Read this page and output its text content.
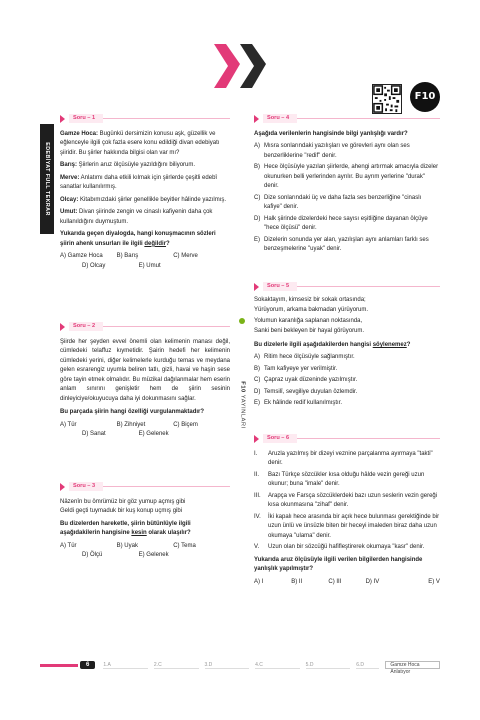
F10
EDEBİYAT FULL TEKRAR
F10 YAYINLARI
Soru – 1

Gamze Hoca: Bugünkü dersimizin konusu aşk, güzellik ve eğlenceyle ilgili çok fazla esere konu edildiği divan edebiyatı şiiridir. Bu şiirler hakkında bilgisi olan var mı?

Barış: Şiirlerin aruz ölçüsüyle yazıldığını biliyorum.

Merve: Anlatımı daha etkili kılmak için şiirlerde çeşitli edebî sanatlar kullanılırmış.

Olcay: Kitabımızdaki şiirler genellikle beyitler hâlinde yazılmış.

Umut: Divan şiirinde zengin ve cinaslı kafiyenin daha çok kullanıldığını duymuştum.

Yukarıda geçen diyalogda, hangi konuşmacının sözleri şiirin ahenk unsurları ile ilgili değildir?

A) Gamze Hoca	B) Barış	C) Merve
D) Olcay	E) Umut
Soru – 2

Şiirde her şeyden evvel önemli olan kelimenin manası değil, cümledeki telaffuz kıymetidir. Şairin hedefi her kelimenin cümledeki yerini, diğer kelimelerle kurduğu temas ve meydana gelen esrarengiz uyumla beliren tatlı, gizli, havai ve haşin sese göre tayin etmek olmalıdır. Bu müzikal dağılanmalar hem eserin anlam sınırını genişletir hem de şiirin sesinin dinleyiciye/okuyucuya daha iyi dokunmasını sağlar.

Bu parçada şiirin hangi özelliği vurgulanmaktadır?

A) Tür	B) Zihniyet	C) Biçem
D) Sanat	E) Gelenek
Soru – 3

Nâzenîn bu ömrümüz bir göz yumup açmış gibi

Geldi geçti tuymaduk bir kuş konup uçmış gibi

Bu dizelerden hareketle, şiirin bütünlüyle ilgili aşağıdakilerin hangisine kesin olarak ulaşılır?

A) Tür	B) Uyak	C) Tema
D) Ölçü	E) Gelenek
Soru – 4

Aşağıda verilenlerin hangisinde bilgi yanlışlığı vardır?

A) Mısra sonlarındaki yazılışları ve görevleri aynı olan ses benzerliklerine "redif" denir.
B) Hece ölçüsüyle yazılan şiirlerde, ahengi artırmak amacıyla dizeler okunurken belli yerlerinden ayrılır. Bu ayrım yerlerine "durak" denir.
C) Dize sonlarındaki üç ve daha fazla ses benzerliğine "cinaslı kafiye" denir.
D) Halk şiirinde dizelerdeki hece sayısı eşitliğine dayanan ölçüye "hece ölçüsü" denir.
E) Dizelerin sonunda yer alan, yazılışları aynı anlamları farklı ses benzeşmelerine "uyak" denir.
Soru – 5

Sokaktayım, kimsesiz bir sokak ortasında;

Yürüyorum, arkama bakmadan yürüyorum.

Yolumun karanlığa saplanan noktasında,

Sanki beni bekleyen bir hayal görüyorum.

Bu dizelerle ilgili aşağıdakilerden hangisi söylenemez?

A) Ritim hece ölçüsüyle sağlanmıştır.
B) Tam kafiyeye yer verilmiştir.
C) Çapraz uyak düzeninde yazılmıştır.
D) Temsilî, sevgiliye duyulan özlemdir.
E) Ek hâlinde redif kullanılmıştır.
Soru – 6
I.	Aruzla yazılmış bir dizeyi veznine parçalanma ayırmaya "takti" denir.
II.	Bazı Türkçe sözcükler kısa olduğu hâlde vezin gereği uzun okunur; buna "imale" denir.
III.	Arapça ve Farsça sözcüklerdeki bazı uzun seslerin vezin gereği kısa okunmasına "zihaf" denir.
IV.	İki kapalı hece arasında bir açık hece bulunması gerektiğinde bir uzun ünlü ve ünsüzle biten bir heceyi imaleden biraz daha uzun okumaya "ulama" denir.
V.	Uzun olan bir sözcüğü hafifleştirerek okumaya "kasr" denir.

Yukarıda aruz ölçüsüyle ilgili verilen bilgilerden hangisinde yanlışlık yapılmıştır?

A) I	B) II	C) III	D) IV	E) V
6	1.A	2.C	3.D	4.C	5.D	6.D	Gamze Hoca Anlatıyor
